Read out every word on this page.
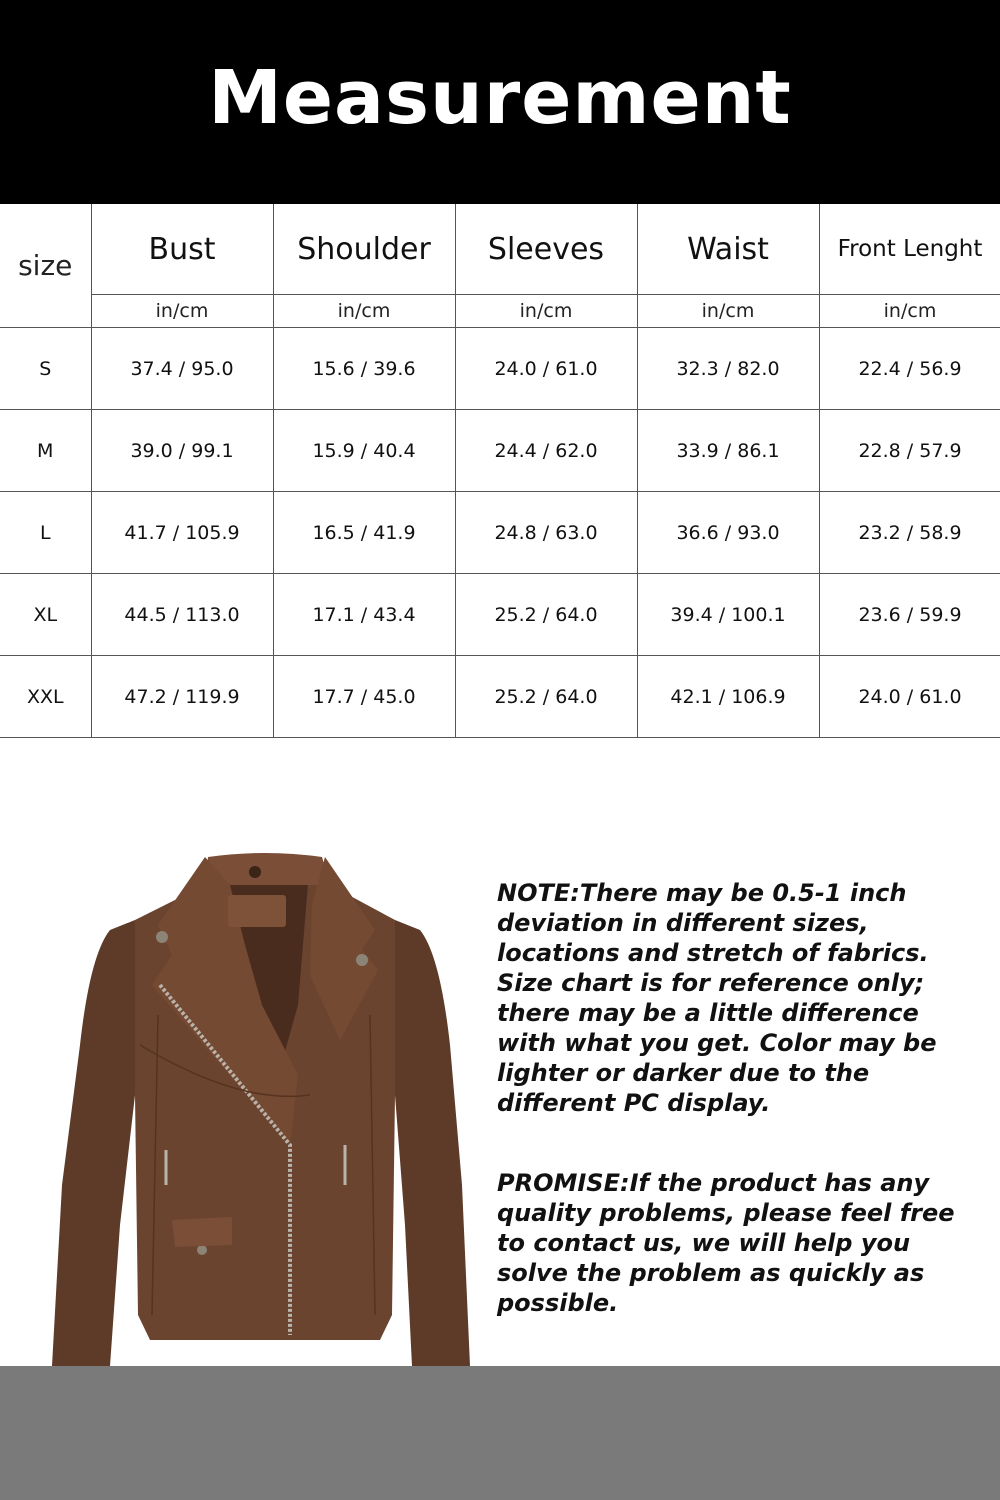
Measurement
size	Bust	Shoulder	Sleeves	Waist	Front Lenght
	in/cm	in/cm	in/cm	in/cm	in/cm
S	37.4 / 95.0	15.6 / 39.6	24.0 / 61.0	32.3 / 82.0	22.4 / 56.9
M	39.0 / 99.1	15.9 / 40.4	24.4 / 62.0	33.9 / 86.1	22.8 / 57.9
L	41.7 / 105.9	16.5 / 41.9	24.8 / 63.0	36.6 / 93.0	23.2 / 58.9
XL	44.5 / 113.0	17.1 / 43.4	25.2 / 64.0	39.4 / 100.1	23.6 / 59.9
XXL	47.2 / 119.9	17.7 / 45.0	25.2 / 64.0	42.1 / 106.9	24.0 / 61.0

NOTE:There may be 0.5-1 inch deviation in different sizes, locations and stretch of fabrics. Size chart is for reference only; there may be a little difference with what you get. Color may be lighter or darker due to the different PC display.

PROMISE:If the product has any quality problems, please feel free to contact us, we will help you solve the problem as quickly as possible.
